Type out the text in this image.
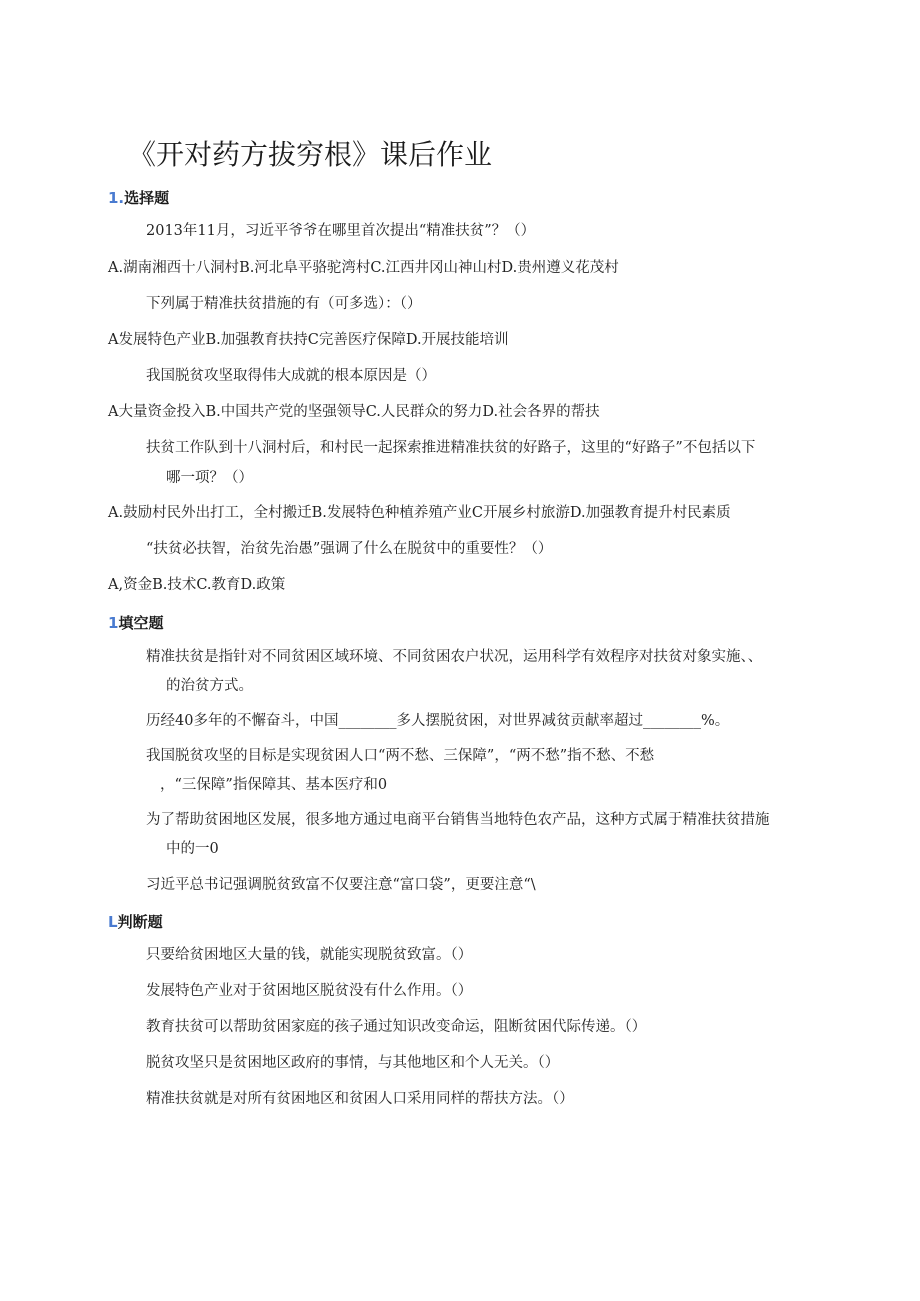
《开对药方拔穷根》课后作业
1.选择题
2013年11月，习近平爷爷在哪里首次提出“精准扶贫”？（）
A.湖南湘西十八洞村B.河北阜平骆驼湾村C.江西井冈山神山村D.贵州遵义花茂村
下列属于精准扶贫措施的有（可多选）：（）
A发展特色产业B.加强教育扶持C完善医疗保障D.开展技能培训
我国脱贫攻坚取得伟大成就的根本原因是（）
A大量资金投入B.中国共产党的坚强领导C.人民群众的努力D.社会各界的帮扶
扶贫工作队到十八洞村后，和村民一起探索推进精准扶贫的好路子，这里的“好路子”不包括以下
哪一项？（）
A.鼓励村民外出打工，全村搬迁B.发展特色种植养殖产业C开展乡村旅游D.加强教育提升村民素质
“扶贫必扶智，治贫先治愚”强调了什么在脱贫中的重要性？（）
A,资金B.技术C.教育D.政策
1填空题
精准扶贫是指针对不同贫困区域环境、不同贫困农户状况，运用科学有效程序对扶贫对象实施、、
的治贫方式。
历经40多年的不懈奋斗，中国________多人摆脱贫困，对世界减贫贡献率超过________%。
我国脱贫攻坚的目标是实现贫困人口“两不愁、三保障”，“两不愁”指不愁、不愁
，“三保障”指保障其、基本医疗和0
为了帮助贫困地区发展，很多地方通过电商平台销售当地特色农产品，这种方式属于精准扶贫措施
中的一0
习近平总书记强调脱贫致富不仅要注意“富口袋”，更要注意“\
L判断题
只要给贫困地区大量的钱，就能实现脱贫致富。（）
发展特色产业对于贫困地区脱贫没有什么作用。（）
教育扶贫可以帮助贫困家庭的孩子通过知识改变命运，阻断贫困代际传递。（）
脱贫攻坚只是贫困地区政府的事情，与其他地区和个人无关。（）
精准扶贫就是对所有贫困地区和贫困人口采用同样的帮扶方法。（）
